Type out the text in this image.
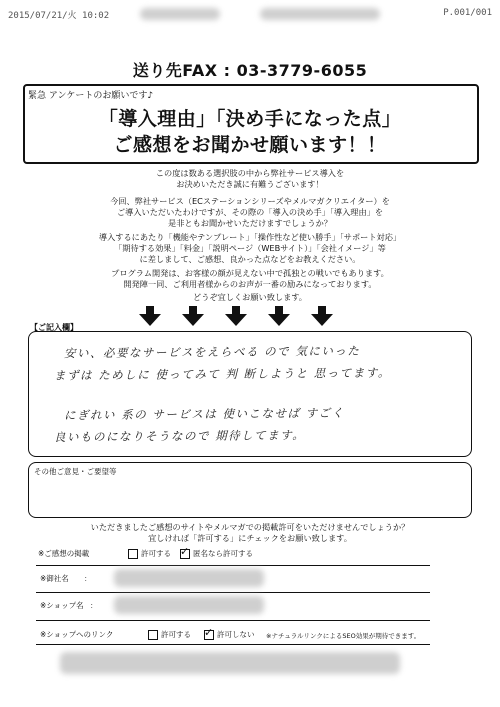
2015/07/21/火 10:02	P.001/001
送り先FAX : 03-3779-6055
緊急 アンケートのお願いです♪
「導入理由」「決め手になった点」
ご感想をお聞かせ願います！！
この度は数ある選択肢の中から弊社サービス導入を
お決めいただき誠に有難うございます！
今回、弊社サービス（ECステーションシリーズやメルマガクリエイター）を
ご導入いただいたわけですが、その際の「導入の決め手」「導入理由」を
是非ともお聞かせいただけますでしょうか？
導入するにあたり「機能やテンプレート」「操作性など使い勝手」「サポート対応」
「期待する効果」「料金」「説明ページ（WEBサイト）」「会社イメージ」等
に差しまして、ご感想、良かった点などをお教えください。
プログラム開発は、お客様の顔が見えない中で孤独との戦いでもあります。
開発陣一同、ご利用者様からのお声が一番の励みになっております。
どうぞ宜しくお願い致します。
【ご記入欄】
安い、必要なサービスをえらべる ので 気にいった
まずは ためしに 使ってみて 判 断しようと 思ってます。
にぎれい 系の サービスは 使いこなせば すごく
良いものになりそうなので 期待してます。
その他ご意見・ご要望等
いただきましたご感想のサイトやメルマガでの掲載許可をいただけませんでしょうか？
宜しければ「許可する」にチェックをお願い致します。
※ご感想の掲載	許可する ✓	匿名なら許可する
※御社名 ：
※ショップ名 ：
※ショップへのリンク	許可する ✓	許可しない ※ナチュラルリンクによるSEO効果が期待できます。
